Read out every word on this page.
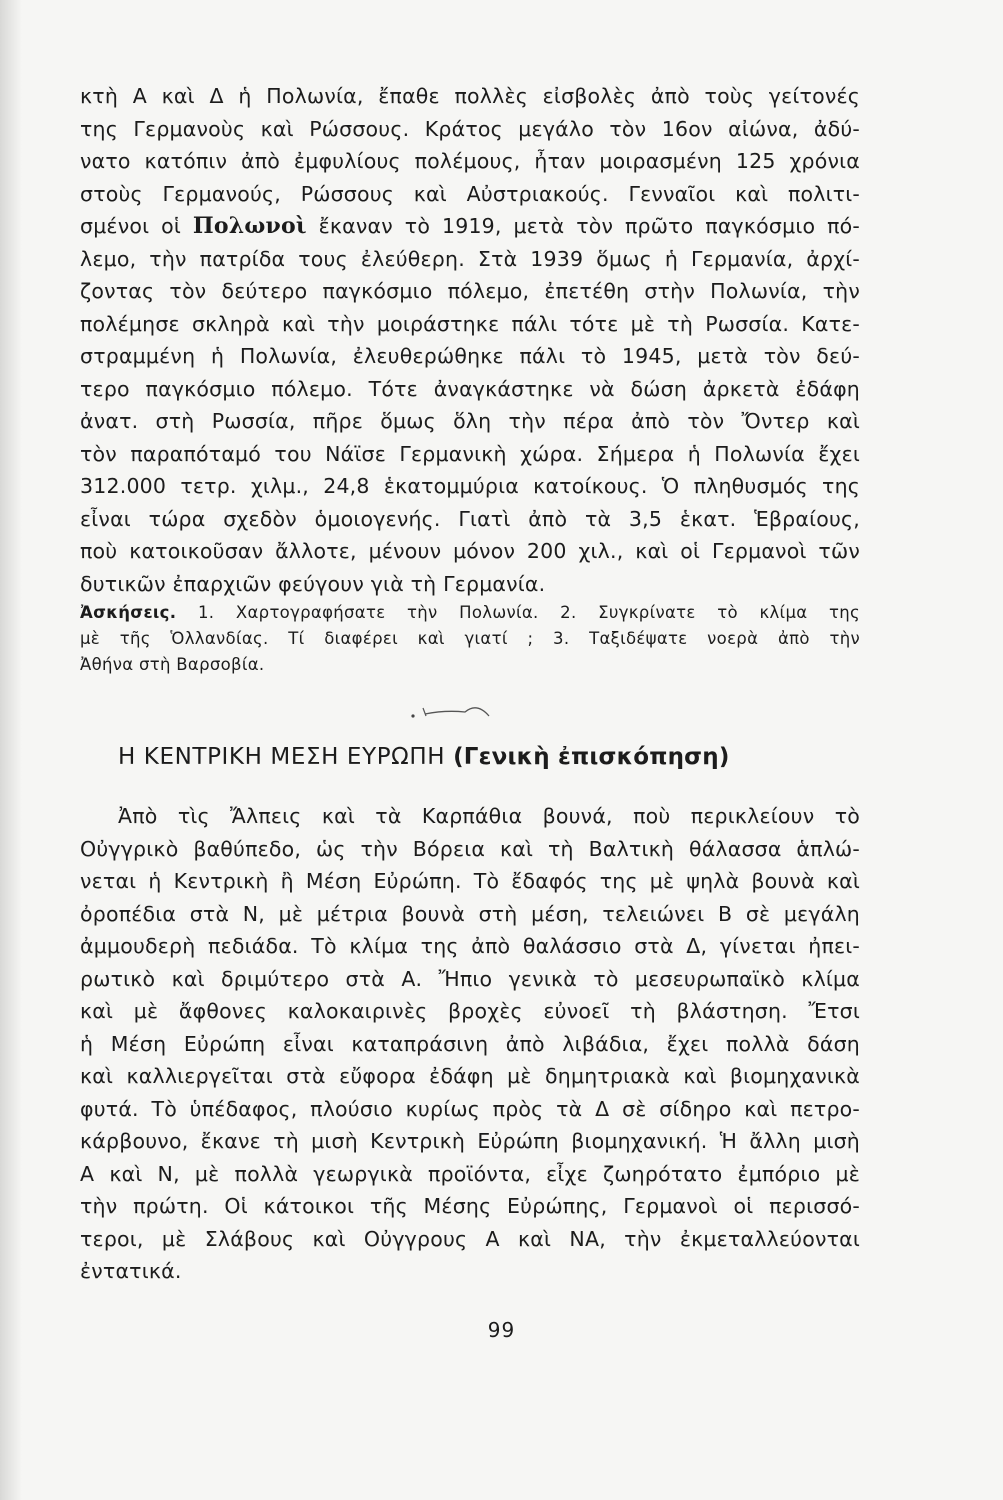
κτὴ Α καὶ Δ ἡ Πολωνία, ἔπαθε πολλὲς εἰσβολὲς ἀπὸ τοὺς γείτονές
της Γερμανοὺς καὶ Ρώσσους. Κράτος μεγάλο τὸν 16ον αἰώνα, ἀδύ-
νατο κατόπιν ἀπὸ ἐμφυλίους πολέμους, ἦταν μοιρασμένη 125 χρόνια
στοὺς Γερμανούς, Ρώσσους καὶ Αὐστριακούς. Γενναῖοι καὶ πολιτι-
σμένοι οἱ Πολωνοὶ ἔκαναν τὸ 1919, μετὰ τὸν πρῶτο παγκόσμιο πό-
λεμο, τὴν πατρίδα τους ἐλεύθερη. Στὰ 1939 ὅμως ἡ Γερμανία, ἀρχί-
ζοντας τὸν δεύτερο παγκόσμιο πόλεμο, ἐπετέθη στὴν Πολωνία, τὴν
πολέμησε σκληρὰ καὶ τὴν μοιράστηκε πάλι τότε μὲ τὴ Ρωσσία. Κατε-
στραμμένη ἡ Πολωνία, ἐλευθερώθηκε πάλι τὸ 1945, μετὰ τὸν δεύ-
τερο παγκόσμιο πόλεμο. Τότε ἀναγκάστηκε νὰ δώση ἀρκετὰ ἐδάφη
ἀνατ. στὴ Ρωσσία, πῆρε ὅμως ὅλη τὴν πέρα ἀπὸ τὸν Ὄντερ καὶ
τὸν παραπόταμό του Νάϊσε Γερμανικὴ χώρα. Σήμερα ἡ Πολωνία ἔχει
312.000 τετρ. χιλμ., 24,8 ἑκατομμύρια κατοίκους. Ὁ πληθυσμός της
εἶναι τώρα σχεδὸν ὁμοιογενής. Γιατὶ ἀπὸ τὰ 3,5 ἑκατ. Ἑβραίους,
ποὺ κατοικοῦσαν ἄλλοτε, μένουν μόνον 200 χιλ., καὶ οἱ Γερμανοὶ τῶν
δυτικῶν ἐπαρχιῶν φεύγουν γιὰ τὴ Γερμανία.
Ἀσκήσεις. 1. Χαρτογραφήσατε τὴν Πολωνία. 2. Συγκρίνατε τὸ κλίμα της
μὲ τῆς Ὁλλανδίας. Τί διαφέρει καὶ γιατί ; 3. Ταξιδέψατε νοερὰ ἀπὸ τὴν
Ἀθήνα στὴ Βαρσοβία.
Η ΚΕΝΤΡΙΚΗ ΜΕΣΗ ΕΥΡΩΠΗ (Γενικὴ ἐπισκόπηση)
Ἀπὸ τὶς Ἄλπεις καὶ τὰ Καρπάθια βουνά, ποὺ περικλείουν τὸ
Οὐγγρικὸ βαθύπεδο, ὡς τὴν Βόρεια καὶ τὴ Βαλτικὴ θάλασσα ἁπλώ-
νεται ἡ Κεντρικὴ ἢ Μέση Εὐρώπη. Τὸ ἔδαφός της μὲ ψηλὰ βουνὰ καὶ
ὀροπέδια στὰ Ν, μὲ μέτρια βουνὰ στὴ μέση, τελειώνει Β σὲ μεγάλη
ἀμμουδερὴ πεδιάδα. Τὸ κλίμα της ἀπὸ θαλάσσιο στὰ Δ, γίνεται ἠπει-
ρωτικὸ καὶ δριμύτερο στὰ Α. Ἤπιο γενικὰ τὸ μεσευρωπαϊκὸ κλίμα
καὶ μὲ ἄφθονες καλοκαιρινὲς βροχὲς εὐνοεῖ τὴ βλάστηση. Ἔτσι
ἡ Μέση Εὐρώπη εἶναι καταπράσινη ἀπὸ λιβάδια, ἔχει πολλὰ δάση
καὶ καλλιεργεῖται στὰ εὔφορα ἐδάφη μὲ δημητριακὰ καὶ βιομηχανικὰ
φυτά. Τὸ ὑπέδαφος, πλούσιο κυρίως πρὸς τὰ Δ σὲ σίδηρο καὶ πετρο-
κάρβουνο, ἔκανε τὴ μισὴ Κεντρικὴ Εὐρώπη βιομηχανική. Ἡ ἄλλη μισὴ
Α καὶ Ν, μὲ πολλὰ γεωργικὰ προϊόντα, εἶχε ζωηρότατο ἐμπόριο μὲ
τὴν πρώτη. Οἱ κάτοικοι τῆς Μέσης Εὐρώπης, Γερμανοὶ οἱ περισσό-
τεροι, μὲ Σλάβους καὶ Οὐγγρους Α καὶ ΝΑ, τὴν ἐκμεταλλεύονται
ἐντατικά.
99
